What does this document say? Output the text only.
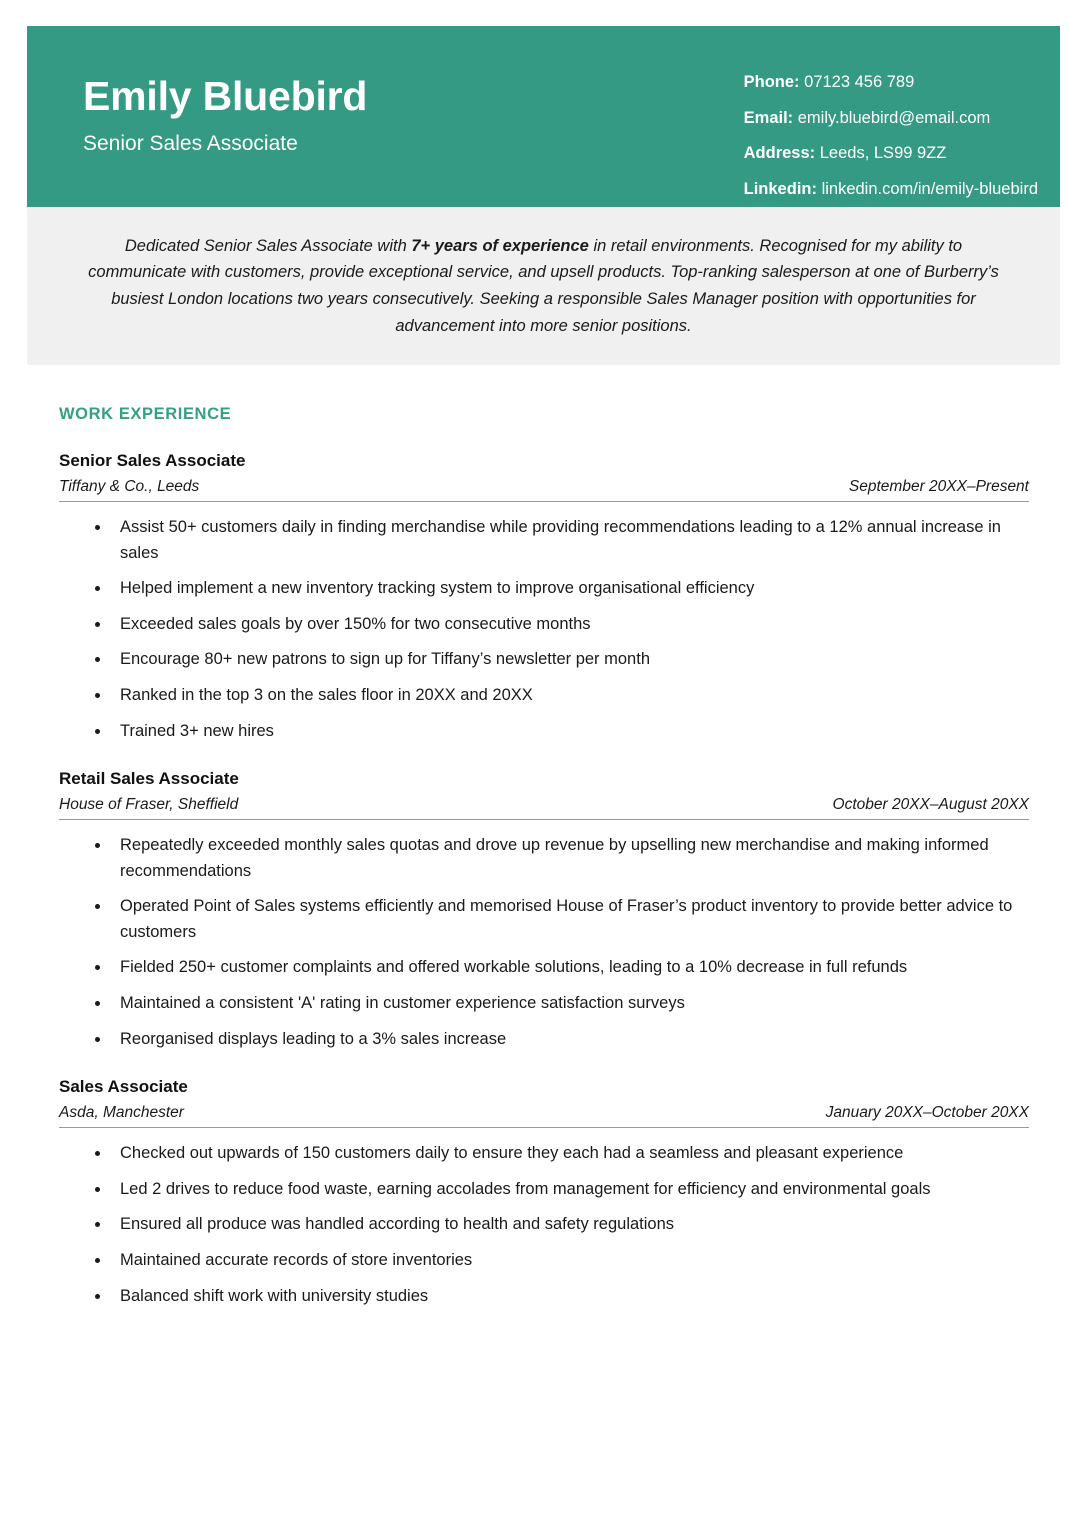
Emily Bluebird
Senior Sales Associate
Phone: 07123 456 789
Email: emily.bluebird@email.com
Address: Leeds, LS99 9ZZ
Linkedin: linkedin.com/in/emily-bluebird

Dedicated Senior Sales Associate with 7+ years of experience in retail environments. Recognised for my ability to communicate with customers, provide exceptional service, and upsell products. Top-ranking salesperson at one of Burberry’s busiest London locations two years consecutively. Seeking a responsible Sales Manager position with opportunities for advancement into more senior positions.

WORK EXPERIENCE
Senior Sales Associate
Tiffany & Co., Leeds	September 20XX–Present
Assist 50+ customers daily in finding merchandise while providing recommendations leading to a 12% annual increase in sales
Helped implement a new inventory tracking system to improve organisational efficiency
Exceeded sales goals by over 150% for two consecutive months
Encourage 80+ new patrons to sign up for Tiffany’s newsletter per month
Ranked in the top 3 on the sales floor in 20XX and 20XX
Trained 3+ new hires
Retail Sales Associate
House of Fraser, Sheffield	October 20XX–August 20XX
Repeatedly exceeded monthly sales quotas and drove up revenue by upselling new merchandise and making informed recommendations
Operated Point of Sales systems efficiently and memorised House of Fraser’s product inventory to provide better advice to customers
Fielded 250+ customer complaints and offered workable solutions, leading to a 10% decrease in full refunds
Maintained a consistent 'A' rating in customer experience satisfaction surveys
Reorganised displays leading to a 3% sales increase
Sales Associate
Asda, Manchester	January 20XX–October 20XX
Checked out upwards of 150 customers daily to ensure they each had a seamless and pleasant experience
Led 2 drives to reduce food waste, earning accolades from management for efficiency and environmental goals
Ensured all produce was handled according to health and safety regulations
Maintained accurate records of store inventories
Balanced shift work with university studies
